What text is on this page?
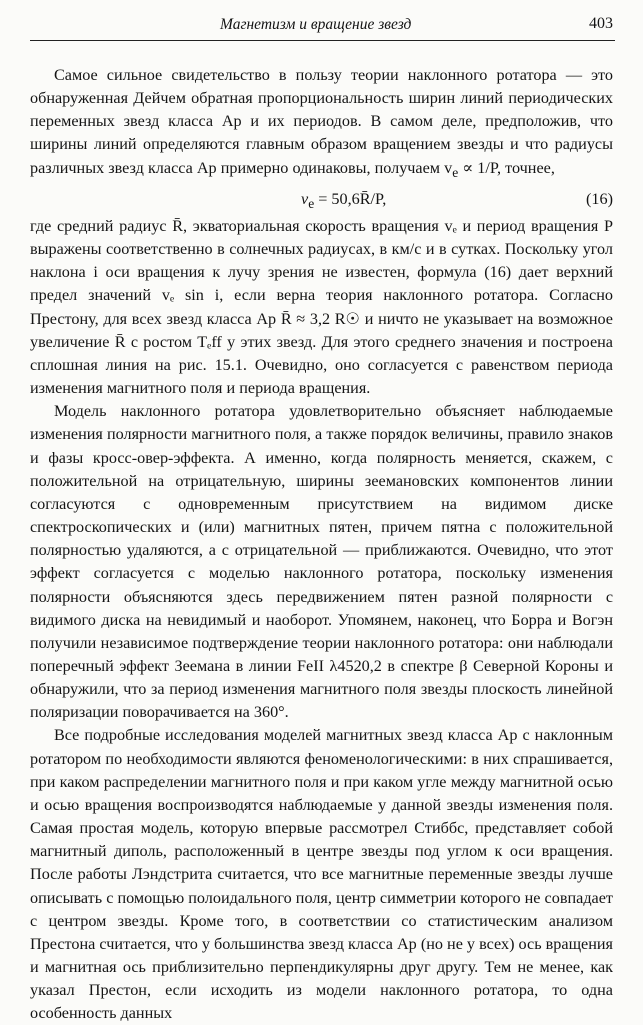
Магнетизм и вращение звезд	403

Самое сильное свидетельство в пользу теории наклонного ротатора — это обнаруженная Дейчем обратная пропорциональность ширин линий периодических переменных звезд класса Ар и их периодов. В самом деле, предположив, что ширины линий определяются главным образом вращением звезды и что радиусы различных звезд класса Ар примерно одинаковы, получаем $v_e \propto 1/P$, точнее,

$v_e$ = 50,6R̄/P,	(16)

где средний радиус R̄, экваториальная скорость вращения vₑ и период вращения P выражены соответственно в солнечных радиусах, в км/с и в сутках. Поскольку угол наклона i оси вращения к лучу зрения не известен, формула (16) дает верхний предел значений vₑ sin i, если верна теория наклонного ротатора. Согласно Престону, для всех звезд класса Ар R̄ ≈ 3,2 R☉ и ничто не указывает на возможное увеличение R̄ с ростом Tₑff у этих звезд. Для этого среднего значения и построена сплошная линия на рис. 15.1. Очевидно, оно согласуется с равенством периода изменения магнитного поля и периода вращения.

Модель наклонного ротатора удовлетворительно объясняет наблюдаемые изменения полярности магнитного поля, а также порядок величины, правило знаков и фазы кросс-овер-эффекта. А именно, когда полярность меняется, скажем, с положительной на отрицательную, ширины зеемановских компонентов линии согласуются с одновременным присутствием на видимом диске спектроскопических и (или) магнитных пятен, причем пятна с положительной полярностью удаляются, а с отрицательной — приближаются. Очевидно, что этот эффект согласуется с моделью наклонного ротатора, поскольку изменения полярности объясняются здесь передвижением пятен разной полярности с видимого диска на невидимый и наоборот. Упомянем, наконец, что Борра и Вогэн получили независимое подтверждение теории наклонного ротатора: они наблюдали поперечный эффект Зеемана в линии FeII λ4520,2 в спектре β Северной Короны и обнаружили, что за период изменения магнитного поля звезды плоскость линейной поляризации поворачивается на 360°.

Все подробные исследования моделей магнитных звезд класса Ар с наклонным ротатором по необходимости являются феноменологическими: в них спрашивается, при каком распределении магнитного поля и при каком угле между магнитной осью и осью вращения воспроизводятся наблюдаемые у данной звезды изменения поля. Самая простая модель, которую впервые рассмотрел Стиббс, представляет собой магнитный диполь, расположенный в центре звезды под углом к оси вращения. После работы Лэндстрита считается, что все магнитные переменные звезды лучше описывать с помощью полоидального поля, центр симметрии которого не совпадает с центром звезды. Кроме того, в соответствии со статистическим анализом Престона считается, что у большинства звезд класса Ар (но не у всех) ось вращения и магнитная ось приблизительно перпендикулярны друг другу. Тем не менее, как указал Престон, если исходить из модели наклонного ротатора, то одна особенность данных
